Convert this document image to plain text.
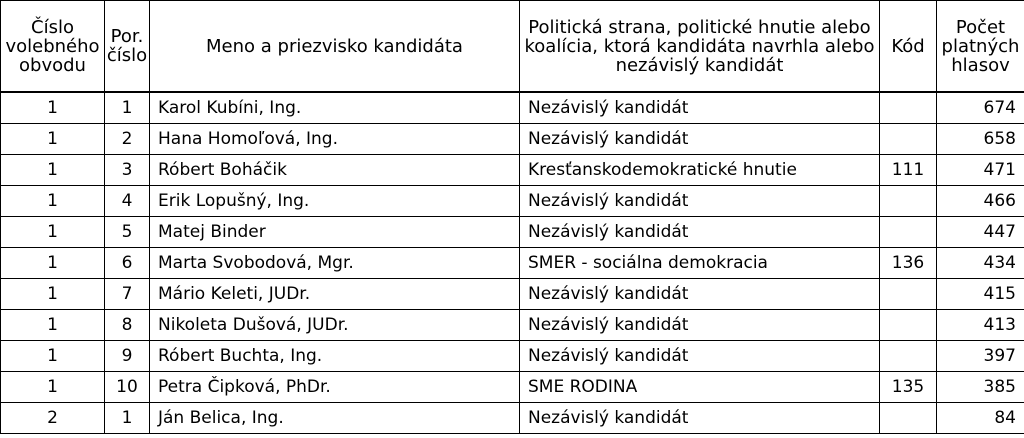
Číslo volebného obvodu	Por. číslo	Meno a priezvisko kandidáta	Politická strana, politické hnutie alebo koalícia, ktorá kandidáta navrhla alebo nezávislý kandidát	Kód	Počet platných hlasov
1	1	Karol Kubíni, Ing.	Nezávislý kandidát		674
1	2	Hana Homoľová, Ing.	Nezávislý kandidát		658
1	3	Róbert Boháčik	Kresťanskodemokratické hnutie	111	471
1	4	Erik Lopušný, Ing.	Nezávislý kandidát		466
1	5	Matej Binder	Nezávislý kandidát		447
1	6	Marta Svobodová, Mgr.	SMER - sociálna demokracia	136	434
1	7	Mário Keleti, JUDr.	Nezávislý kandidát		415
1	8	Nikoleta Dušová, JUDr.	Nezávislý kandidát		413
1	9	Róbert Buchta, Ing.	Nezávislý kandidát		397
1	10	Petra Čipková, PhDr.	SME RODINA	135	385
2	1	Ján Belica, Ing.	Nezávislý kandidát		84
